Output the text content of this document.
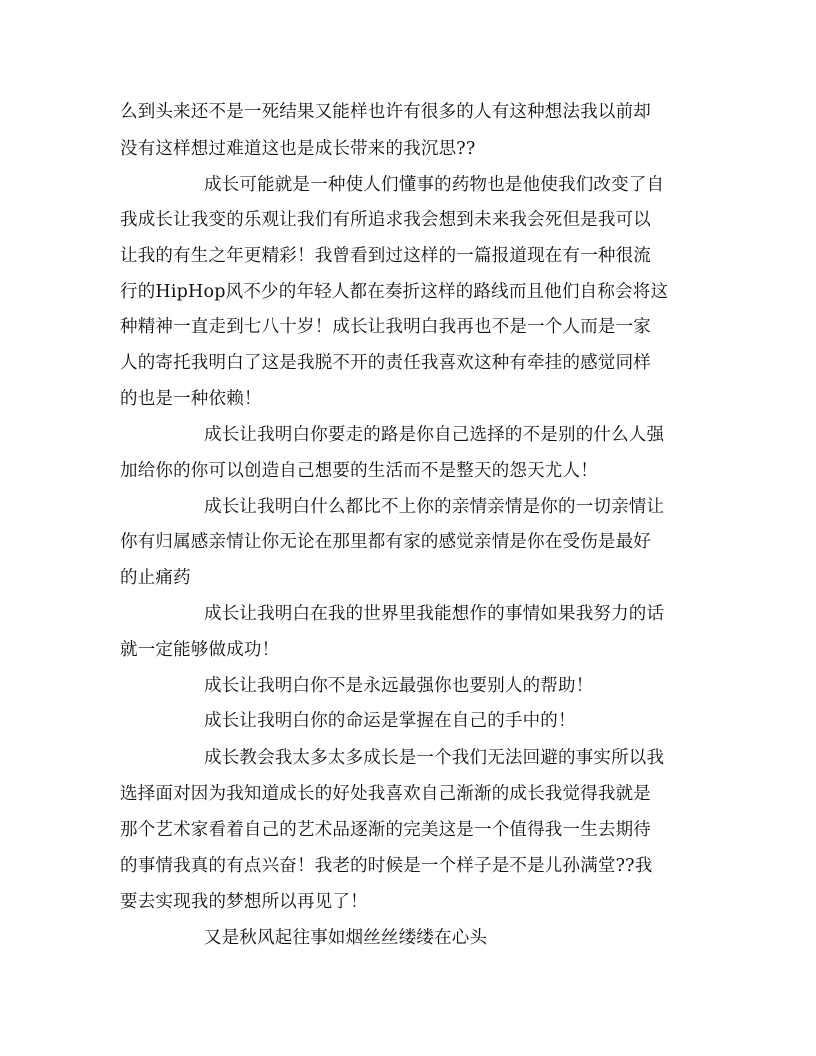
么到头来还不是一死结果又能样也许有很多的人有这种想法我以前却
没有这样想过难道这也是成长带来的我沉思??
成长可能就是一种使人们懂事的药物也是他使我们改变了自
我成长让我变的乐观让我们有所追求我会想到未来我会死但是我可以
让我的有生之年更精彩！我曾看到过这样的一篇报道现在有一种很流
行的HipHop风不少的年轻人都在奏折这样的路线而且他们自称会将这
种精神一直走到七八十岁！成长让我明白我再也不是一个人而是一家
人的寄托我明白了这是我脱不开的责任我喜欢这种有牵挂的感觉同样
的也是一种依赖！
成长让我明白你要走的路是你自己选择的不是别的什么人强
加给你的你可以创造自己想要的生活而不是整天的怨天尤人！
成长让我明白什么都比不上你的亲情亲情是你的一切亲情让
你有归属感亲情让你无论在那里都有家的感觉亲情是你在受伤是最好
的止痛药
成长让我明白在我的世界里我能想作的事情如果我努力的话
就一定能够做成功！
成长让我明白你不是永远最强你也要别人的帮助！
成长让我明白你的命运是掌握在自己的手中的！
成长教会我太多太多成长是一个我们无法回避的事实所以我
选择面对因为我知道成长的好处我喜欢自己渐渐的成长我觉得我就是
那个艺术家看着自己的艺术品逐渐的完美这是一个值得我一生去期待
的事情我真的有点兴奋！我老的时候是一个样子是不是儿孙满堂??我
要去实现我的梦想所以再见了！
又是秋风起往事如烟丝丝缕缕在心头
